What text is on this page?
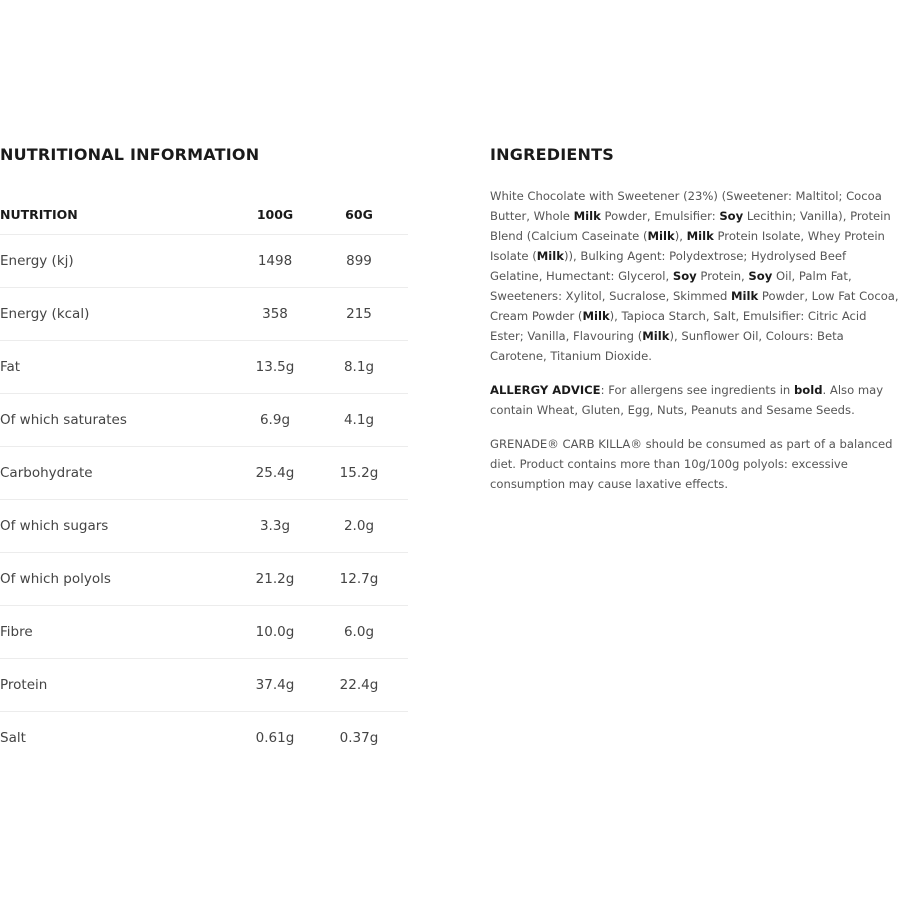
NUTRITIONAL INFORMATION
NUTRITION	100G	60G
Energy (kj)	1498	899
Energy (kcal)	358	215
Fat	13.5g	8.1g
Of which saturates	6.9g	4.1g
Carbohydrate	25.4g	15.2g
Of which sugars	3.3g	2.0g
Of which polyols	21.2g	12.7g
Fibre	10.0g	6.0g
Protein	37.4g	22.4g
Salt	0.61g	0.37g
INGREDIENTS

White Chocolate with Sweetener (23%) (Sweetener: Maltitol; Cocoa Butter, Whole Milk Powder, Emulsifier: Soy Lecithin; Vanilla), Protein Blend (Calcium Caseinate (Milk), Milk Protein Isolate, Whey Protein Isolate (Milk)), Bulking Agent: Polydextrose; Hydrolysed Beef Gelatine, Humectant: Glycerol, Soy Protein, Soy Oil, Palm Fat, Sweeteners: Xylitol, Sucralose, Skimmed Milk Powder, Low Fat Cocoa, Cream Powder (Milk), Tapioca Starch, Salt, Emulsifier: Citric Acid Ester; Vanilla, Flavouring (Milk), Sunflower Oil, Colours: Beta Carotene, Titanium Dioxide.

ALLERGY ADVICE: For allergens see ingredients in bold. Also may contain Wheat, Gluten, Egg, Nuts, Peanuts and Sesame Seeds.

GRENADE® CARB KILLA® should be consumed as part of a balanced diet. Product contains more than 10g/100g polyols: excessive consumption may cause laxative effects.
